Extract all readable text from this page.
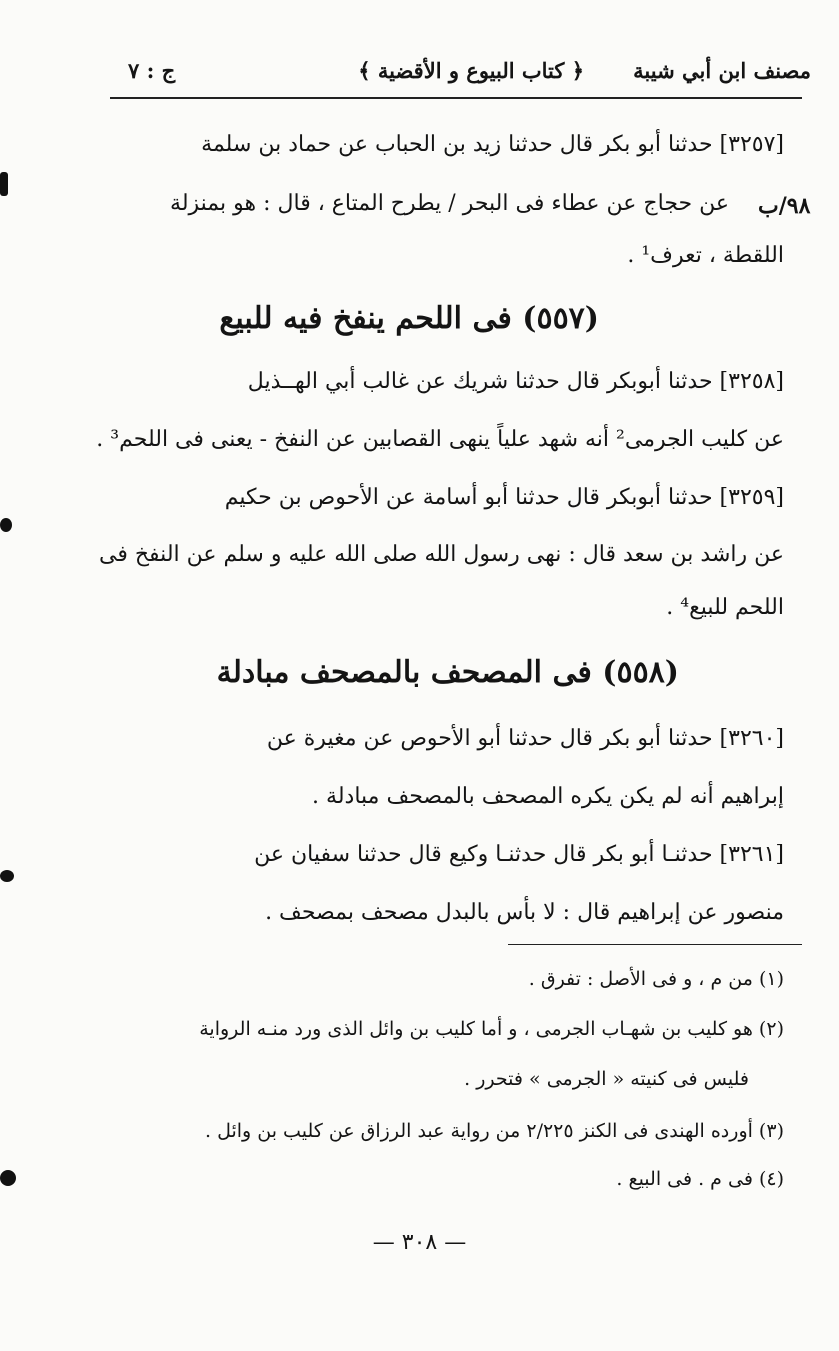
مصنف ابن أبي شيبة
﴿ كتاب البيوع و الأقضية ﴾
ج : ٧
[٣٢٥٧] حدثنا أبو بكر قال حدثنا زيد بن الحباب عن حماد بن سلمة
٩٨/ب
عن حجاج عن عطاء فى البحر / يطرح المتاع ، قال : هو بمنزلة
اللقطة ، تعرف¹ .
(٥٥٧) فى اللحم ينفخ فيه للبيع
[٣٢٥٨] حدثنا أبوبكر قال حدثنا شريك عن غالب أبي الهــذيل
عن كليب الجرمى² أنه شهد علياً ينهى القصابين عن النفخ - يعنى فى اللحم³ .
[٣٢٥٩] حدثنا أبوبكر قال حدثنا أبو أسامة عن الأحوص بن حكيم
عن راشد بن سعد قال : نهى رسول الله صلى الله عليه و سلم عن النفخ فى
اللحم للبيع⁴ .
(٥٥٨) فى المصحف بالمصحف مبادلة
[٣٢٦٠] حدثنا أبو بكر قال حدثنا أبو الأحوص عن مغيرة عن
إبراهيم أنه لم يكن يكره المصحف بالمصحف مبادلة .
[٣٢٦١] حدثنـا أبو بكر قال حدثنـا وكيع قال حدثنا سفيان عن
منصور عن إبراهيم قال : لا بأس بالبدل مصحف بمصحف .
(١) من م ، و فى الأصل : تفرق .
(٢) هو كليب بن شهـاب الجرمى ، و أما كليب بن وائل الذى ورد منـه الرواية
فليس فى كنيته « الجرمى » فتحرر .
(٣) أورده الهندى فى الكنز ٢/٢٢٥ من رواية عبد الرزاق عن كليب بن وائل .
(٤) فى م . فى البيع .
— ٣٠٨ —
